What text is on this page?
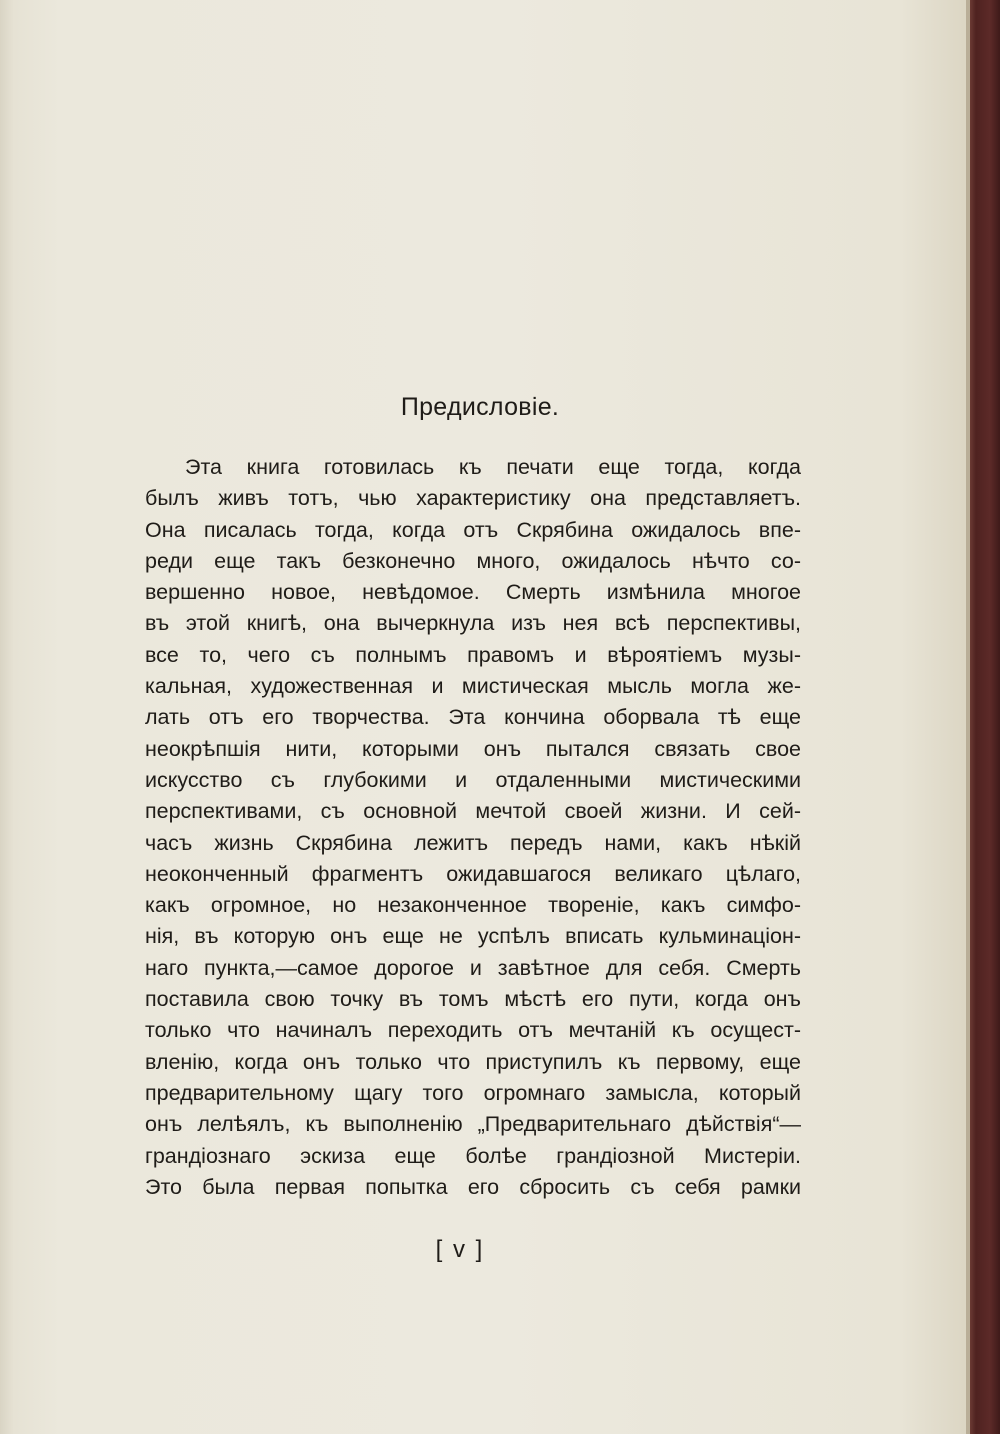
Предисловіе.
Эта книга готовилась къ печати еще тогда, когда
былъ живъ тотъ, чью характеристику она представляетъ.
Она писалась тогда, когда отъ Скрябина ожидалось впе-
реди еще такъ безконечно много, ожидалось нѣчто со-
вершенно новое, невѣдомое. Смерть измѣнила многое
въ этой книгѣ, она вычеркнула изъ нея всѣ перспективы,
все то, чего съ полнымъ правомъ и вѣроятіемъ музы-
кальная, художественная и мистическая мысль могла же-
лать отъ его творчества. Эта кончина оборвала тѣ еще
неокрѣпшія нити, которыми онъ пытался связать свое
искусство съ глубокими и отдаленными мистическими
перспективами, съ основной мечтой своей жизни. И сей-
часъ жизнь Скрябина лежитъ передъ нами, какъ нѣкій
неоконченный фрагментъ ожидавшагося великаго цѣлаго,
какъ огромное, но незаконченное твореніе, какъ симфо-
нія, въ которую онъ еще не успѣлъ вписать кульминаціон-
наго пункта,—самое дорогое и завѣтное для себя. Смерть
поставила свою точку въ томъ мѣстѣ его пути, когда онъ
только что начиналъ переходить отъ мечтаній къ осущест-
вленію, когда онъ только что приступилъ къ первому, еще
предварительному щагу того огромнаго замысла, который
онъ лелѣялъ, къ выполненію „Предварительнаго дѣйствія“—
грандіознаго эскиза еще болѣе грандіозной Мистеріи.
Это была первая попытка его сбросить съ себя рамки
[ v ]
